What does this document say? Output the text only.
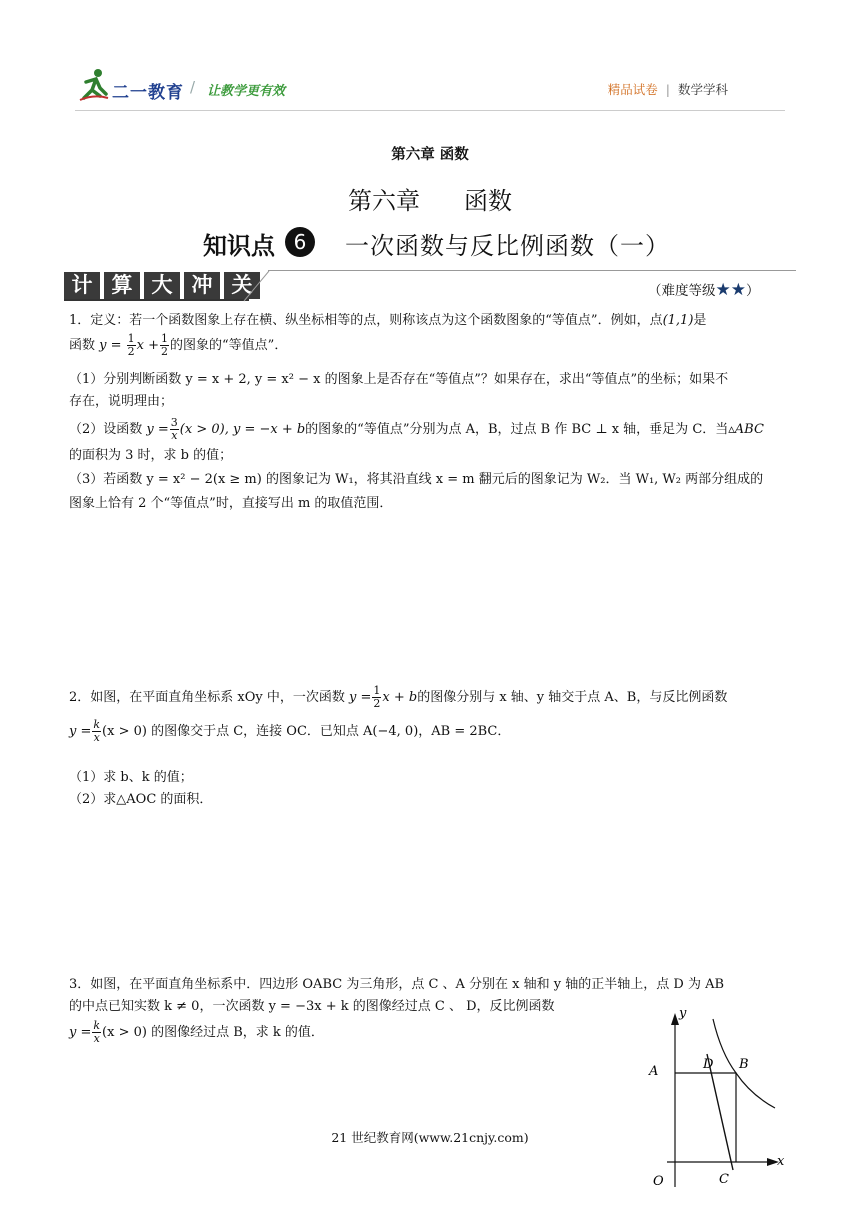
二一教育 / 让教学更有效	精品试卷 | 数学学科
第六章 函数
第六章 函数
知识点 6	一次函数与反比例函数（一）
计 算 大 冲 关	（难度等级★★）
1．定义：若一个函数图象上存在横、纵坐标相等的点，则称该点为这个函数图象的“等值点”．例如，点(1,1)是
函数 $y = \frac{1}{2}$ $x + \frac{1}{2}$ 的图象的“等值点”．
（1）分别判断函数 y = x + 2, y = x² − x 的图象上是否存在“等值点”？如果存在，求出“等值点”的坐标；如果不
存在，说明理由；
（2）设函数 $y = \frac{3}{x} (x > 0)$, y = −x + b的图象的“等值点”分别为点 A，B，过点 B 作 BC ⊥ x 轴，垂足为 C．当▵ABC
的面积为 3 时，求 b 的值；
（3）若函数 y = x² − 2(x ≥ m) 的图象记为 W₁，将其沿直线 x = m 翻元后的图象记为 W₂．当 W₁, W₂ 两部分组成的
图象上恰有 2 个“等值点”时，直接写出 m 的取值范围．
2．如图，在平面直角坐标系 xOy 中，一次函数 $y = \frac{1}{2}$ x + b的图像分别与 x 轴、y 轴交于点 A、B，与反比例函数
$y = \frac{k}{x} (x > 0)$ 的图像交于点 C，连接 OC．已知点 A(−4, 0)，AB = 2BC．
（1）求 b、k 的值；
（2）求△AOC 的面积．
3．如图，在平面直角坐标系中．四边形 OABC 为三角形，点 C 、A 分别在 x 轴和 y 轴的正半轴上，点 D 为 AB
的中点已知实数 k ≠ 0，一次函数 y = −3x + k 的图像经过点 C 、 D，反比例函数
$y = \frac{k}{x} (x > 0)$ 的图像经过点 B，求 k 的值．
y
x
A	D B
O	C
21 世纪教育网(www.21cnjy.com)
